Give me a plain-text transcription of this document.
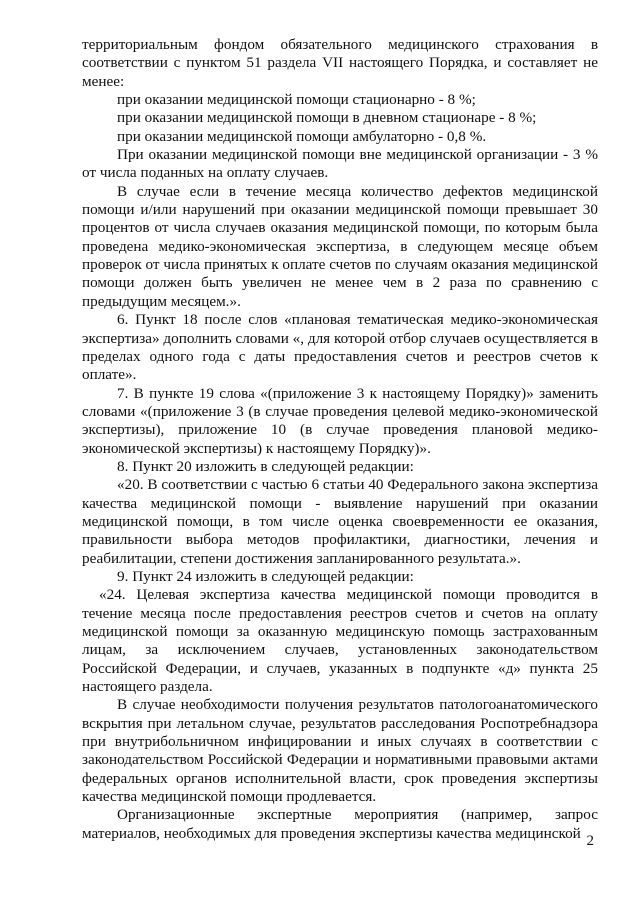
территориальным фондом обязательного медицинского страхования в соответствии с пунктом 51 раздела VII настоящего Порядка, и составляет не менее:

при оказании медицинской помощи стационарно - 8 %;

при оказании медицинской помощи в дневном стационаре - 8 %;

при оказании медицинской помощи амбулаторно - 0,8 %.

При оказании медицинской помощи вне медицинской организации - 3 % от числа поданных на оплату случаев.

В случае если в течение месяца количество дефектов медицинской помощи и/или нарушений при оказании медицинской помощи превышает 30 процентов от числа случаев оказания медицинской помощи, по которым была проведена медико-экономическая экспертиза, в следующем месяце объем проверок от числа принятых к оплате счетов по случаям оказания медицинской помощи должен быть увеличен не менее чем в 2 раза по сравнению с предыдущим месяцем.».

6. Пункт 18 после слов «плановая тематическая медико-экономическая экспертиза» дополнить словами «, для которой отбор случаев осуществляется в пределах одного года с даты предоставления счетов и реестров счетов к оплате».

7. В пункте 19 слова «(приложение 3 к настоящему Порядку)» заменить словами «(приложение 3 (в случае проведения целевой медико-экономической экспертизы), приложение 10 (в случае проведения плановой медико-экономической экспертизы) к настоящему Порядку)».

8. Пункт 20 изложить в следующей редакции:

«20. В соответствии с частью 6 статьи 40 Федерального закона экспертиза качества медицинской помощи - выявление нарушений при оказании медицинской помощи, в том числе оценка своевременности ее оказания, правильности выбора методов профилактики, диагностики, лечения и реабилитации, степени достижения запланированного результата.».

9. Пункт 24 изложить в следующей редакции:

«24. Целевая экспертиза качества медицинской помощи проводится в течение месяца после предоставления реестров счетов и счетов на оплату медицинской помощи за оказанную медицинскую помощь застрахованным лицам, за исключением случаев, установленных законодательством Российской Федерации, и случаев, указанных в подпункте «д» пункта 25 настоящего раздела.

В случае необходимости получения результатов патологоанатомического вскрытия при летальном случае, результатов расследования Роспотребнадзора при внутрибольничном инфицировании и иных случаях в соответствии с законодательством Российской Федерации и нормативными правовыми актами федеральных органов исполнительной власти, срок проведения экспертизы качества медицинской помощи продлевается.

Организационные экспертные мероприятия (например, запрос материалов, необходимых для проведения экспертизы качества медицинской 2
